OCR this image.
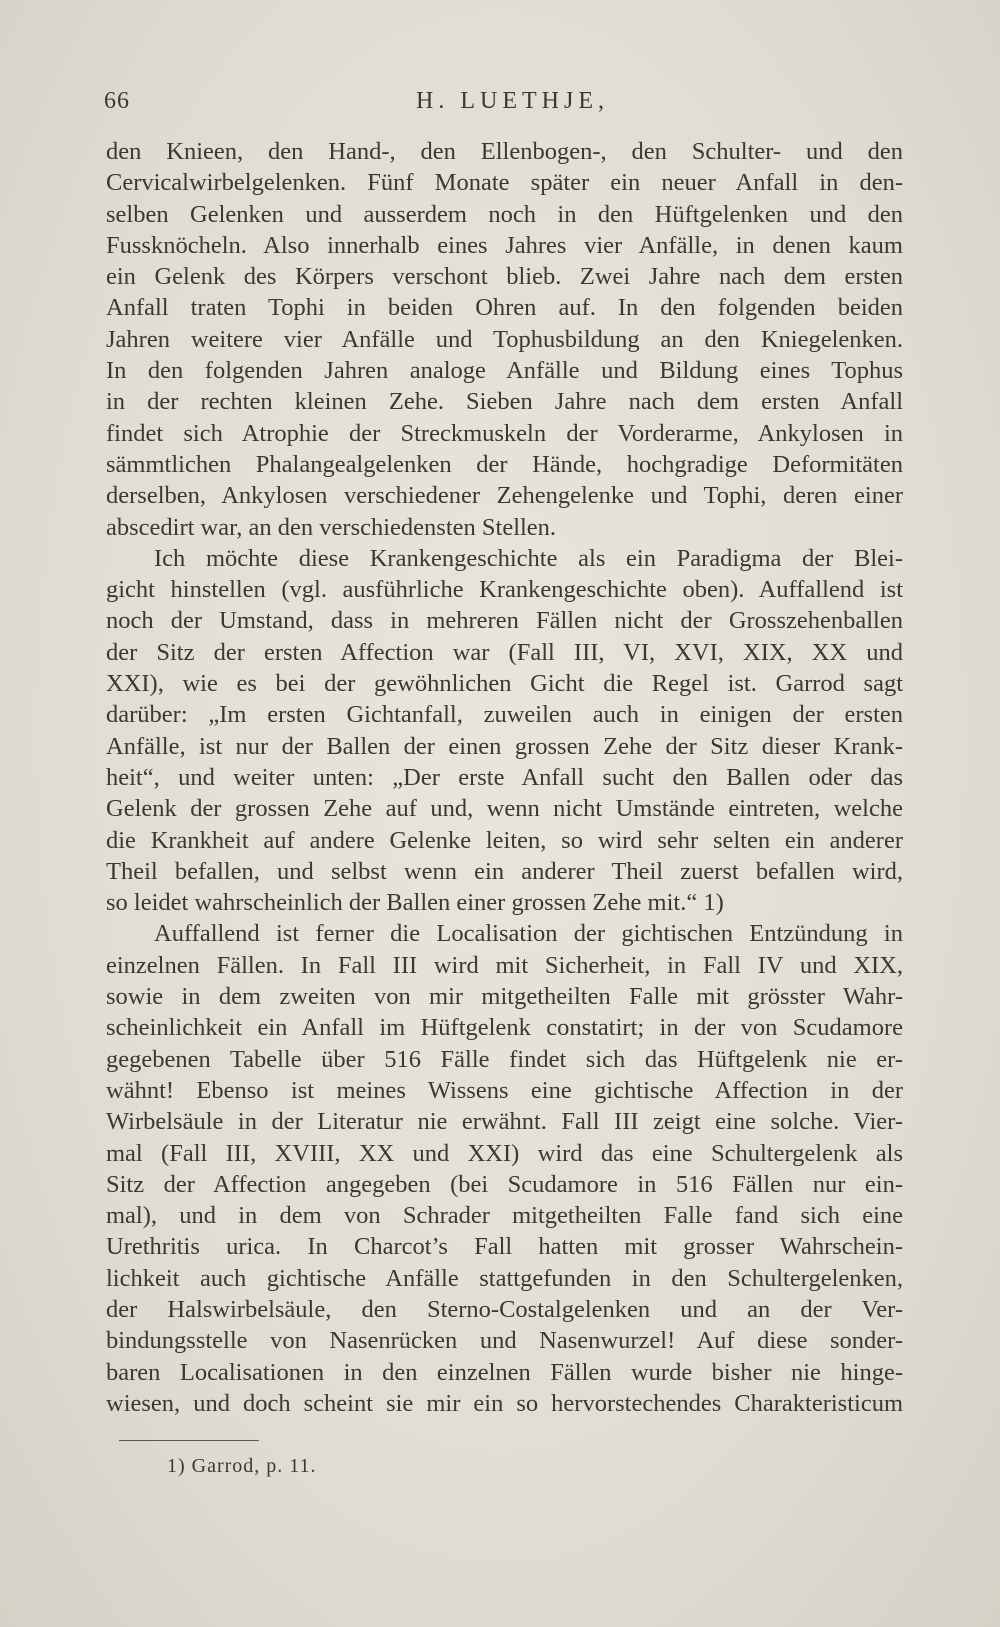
66	H. LUETHJE,
den Knieen, den Hand-, den Ellenbogen-, den Schulter- und den
Cervicalwirbelgelenken. Fünf Monate später ein neuer Anfall in den-
selben Gelenken und ausserdem noch in den Hüftgelenken und den
Fussknöcheln. Also innerhalb eines Jahres vier Anfälle, in denen kaum
ein Gelenk des Körpers verschont blieb. Zwei Jahre nach dem ersten
Anfall traten Tophi in beiden Ohren auf. In den folgenden beiden
Jahren weitere vier Anfälle und Tophusbildung an den Kniegelenken.
In den folgenden Jahren analoge Anfälle und Bildung eines Tophus
in der rechten kleinen Zehe. Sieben Jahre nach dem ersten Anfall
findet sich Atrophie der Streckmuskeln der Vorderarme, Ankylosen in
sämmtlichen Phalangealgelenken der Hände, hochgradige Deformitäten
derselben, Ankylosen verschiedener Zehengelenke und Tophi, deren einer
abscedirt war, an den verschiedensten Stellen.
Ich möchte diese Krankengeschichte als ein Paradigma der Blei-
gicht hinstellen (vgl. ausführliche Krankengeschichte oben). Auffallend ist
noch der Umstand, dass in mehreren Fällen nicht der Grosszehenballen
der Sitz der ersten Affection war (Fall III, VI, XVI, XIX, XX und
XXI), wie es bei der gewöhnlichen Gicht die Regel ist. Garrod sagt
darüber: „Im ersten Gichtanfall, zuweilen auch in einigen der ersten
Anfälle, ist nur der Ballen der einen grossen Zehe der Sitz dieser Krank-
heit“, und weiter unten: „Der erste Anfall sucht den Ballen oder das
Gelenk der grossen Zehe auf und, wenn nicht Umstände eintreten, welche
die Krankheit auf andere Gelenke leiten, so wird sehr selten ein anderer
Theil befallen, und selbst wenn ein anderer Theil zuerst befallen wird,
so leidet wahrscheinlich der Ballen einer grossen Zehe mit.“ 1)
Auffallend ist ferner die Localisation der gichtischen Entzündung in
einzelnen Fällen. In Fall III wird mit Sicherheit, in Fall IV und XIX,
sowie in dem zweiten von mir mitgetheilten Falle mit grösster Wahr-
scheinlichkeit ein Anfall im Hüftgelenk constatirt; in der von Scudamore
gegebenen Tabelle über 516 Fälle findet sich das Hüftgelenk nie er-
wähnt! Ebenso ist meines Wissens eine gichtische Affection in der
Wirbelsäule in der Literatur nie erwähnt. Fall III zeigt eine solche. Vier-
mal (Fall III, XVIII, XX und XXI) wird das eine Schultergelenk als
Sitz der Affection angegeben (bei Scudamore in 516 Fällen nur ein-
mal), und in dem von Schrader mitgetheilten Falle fand sich eine
Urethritis urica. In Charcot’s Fall hatten mit grosser Wahrschein-
lichkeit auch gichtische Anfälle stattgefunden in den Schultergelenken,
der Halswirbelsäule, den Sterno-Costalgelenken und an der Ver-
bindungsstelle von Nasenrücken und Nasenwurzel! Auf diese sonder-
baren Localisationen in den einzelnen Fällen wurde bisher nie hinge-
wiesen, und doch scheint sie mir ein so hervorstechendes Charakteristicum
1) Garrod, p. 11.
